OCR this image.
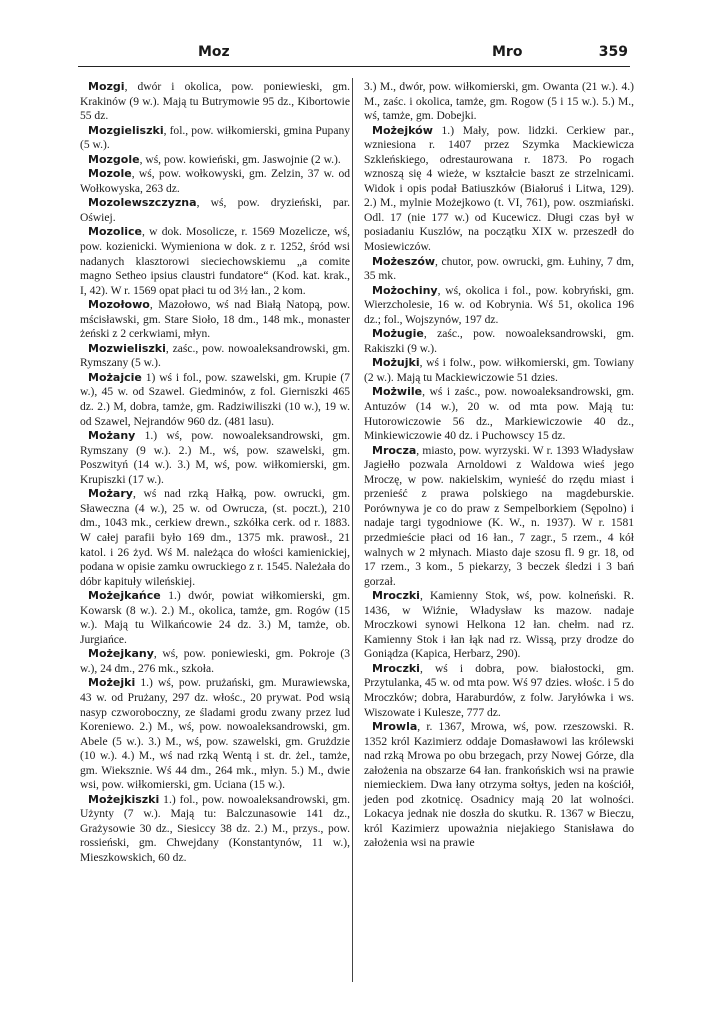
Moz	Mro	359

Mozgi, dwór i okolica, pow. poniewieski, gm. Krakinów (9 w.). Mają tu Butrymowie 95 dz., Kibortowie 55 dz.

Mozgieliszki, fol., pow. wiłkomierski, gmina Pupany (5 w.).

Mozgole, wś, pow. kowieński, gm. Jaswojnie (2 w.).

Mozole, wś, pow. wołkowyski, gm. Zelzin, 37 w. od Wołkowyska, 263 dz.

Mozolewszczyzna, wś, pow. dryzieński, par. Oświej.

Mozolice, w dok. Mosolicze, r. 1569 Mozelicze, wś, pow. kozienicki. Wymieniona w dok. z r. 1252, śród wsi nadanych klasztorowi sieciechowskiemu „a comite magno Setheo ipsius claustri fundatore“ (Kod. kat. krak., I, 42). W r. 1569 opat płaci tu od 3½ łan., 2 kom.

Mozołowo, Mazołowo, wś nad Białą Natopą, pow. mścisławski, gm. Stare Sioło, 18 dm., 148 mk., monaster żeński z 2 cerkwiami, młyn.

Mozwieliszki, zaśc., pow. nowoaleksandrowski, gm. Rymszany (5 w.).

Możajcie 1) wś i fol., pow. szawelski, gm. Krupie (7 w.), 45 w. od Szawel. Giedminów, z fol. Gierniszki 465 dz. 2.) M, dobra, tamże, gm. Radziwiliszki (10 w.), 19 w. od Szawel, Nejrandów 960 dz. (481 lasu).

Możany 1.) wś, pow. nowoaleksandrowski, gm. Rymszany (9 w.). 2.) M., wś, pow. szawelski, gm. Poszwityń (14 w.). 3.) M, wś, pow. wiłkomierski, gm. Krupiszki (17 w.).

Możary, wś nad rzką Hałką, pow. owrucki, gm. Sławeczna (4 w.), 25 w. od Owrucza, (st. poczt.), 210 dm., 1043 mk., cerkiew drewn., szkółka cerk. od r. 1883. W całej parafii było 169 dm., 1375 mk. prawosł., 21 katol. i 26 żyd. Wś M. należąca do włości kamienickiej, podana w opisie zamku owruckiego z r. 1545. Należała do dóbr kapituły wileńskiej.

Możejkańce 1.) dwór, powiat wiłkomierski, gm. Kowarsk (8 w.). 2.) M., okolica, tamże, gm. Rogów (15 w.). Mają tu Wilkańcowie 24 dz. 3.) M, tamże, ob. Jurgiańce.

Możejkany, wś, pow. poniewieski, gm. Pokroje (3 w.), 24 dm., 276 mk., szkoła.

Możejki 1.) wś, pow. prużański, gm. Murawiewska, 43 w. od Prużany, 297 dz. włośc., 20 prywat. Pod wsią nasyp czworoboczny, ze śladami grodu zwany przez lud Koreniewo. 2.) M., wś, pow. nowoaleksandrowski, gm. Abele (5 w.). 3.) M., wś, pow. szawelski, gm. Grużdzie (10 w.). 4.) M., wś nad rzką Wentą i st. dr. żel., tamże, gm. Wieksznie. Wś 44 dm., 264 mk., młyn. 5.) M., dwie wsi, pow. wiłkomierski, gm. Ucianа (15 w.).

Możejkiszki 1.) fol., pow. nowoaleksandrowski, gm. Użynty (7 w.). Mają tu: Balczunasowie 141 dz., Grażysowie 30 dz., Siesiccy 38 dz. 2.) M., przys., pow. rossieński, gm. Chwejdany (Konstantynów, 11 w.), Mieszkowskich, 60 dz.

3.) M., dwór, pow. wiłkomierski, gm. Owanta (21 w.). 4.) M., zaśc. i okolica, tamże, gm. Rogow (5 i 15 w.). 5.) M., wś, tamże, gm. Dobejki.

Możejków 1.) Mały, pow. lidzki. Cerkiew par., wzniesiona r. 1407 przez Szymka Mackiewicza Szkleńskiego, odrestaurowana r. 1873. Po rogach wznoszą się 4 wieże, w kształcie baszt ze strzelnicami. Widok i opis podał Batiuszków (Białoruś i Litwa, 129). 2.) M., mylnie Możejkowo (t. VI, 761), pow. oszmiański. Odl. 17 (nie 177 w.) od Kucewicz. Długi czas był w posiadaniu Kuszlów, na początku XIX w. przeszedł do Mosiewiczów.

Możeszów, chutor, pow. owrucki, gm. Łuhiny, 7 dm, 35 mk.

Możochiny, wś, okolica i fol., pow. kobryński, gm. Wierzcholesie, 16 w. od Kobrynia. Wś 51, okolica 196 dz.; fol., Wojszynów, 197 dz.

Możugie, zaśc., pow. nowoaleksandrowski, gm. Rakiszki (9 w.).

Możujki, wś i folw., pow. wiłkomierski, gm. Towiany (2 w.). Mają tu Mackiewiczowie 51 dzies.

Możwile, wś i zaśc., pow. nowoaleksandrowski, gm. Antuzów (14 w.), 20 w. od mta pow. Mają tu: Hutorowiczowie 56 dz., Markiewiczowie 40 dz., Minkiewiczowie 40 dz. i Puchowscy 15 dz.

Mrocza, miasto, pow. wyrzyski. W r. 1393 Władysław Jagiełło pozwala Arnoldowi z Waldowa wieś jego Mroczę, w pow. nakielskim, wynieść do rzędu miast i przenieść z prawa polskiego na magdeburskie. Porównywa je co do praw z Sempelborkiem (Sępolno) i nadaje targi tygodniowe (K. W., n. 1937). W r. 1581 przedmieście płaci od 16 łan., 7 zagr., 5 rzem., 4 kół walnych w 2 młynach. Miasto daje szosu fl. 9 gr. 18, od 17 rzem., 3 kom., 5 piekarzy, 3 beczek śledzi i 3 bań gorzał.

Mroczki, Kamienny Stok, wś, pow. kolneński. R. 1436, w Wiźnie, Władysław ks mazow. nadaje Mroczkowi synowi Helkona 12 łan. chełm. nad rz. Kamienny Stok i łan łąk nad rz. Wissą, przy drodze do Goniądza (Kapica, Herbarz, 290).

Mroczki, wś i dobra, pow. białostocki, gm. Przytulanka, 45 w. od mta pow. Wś 97 dzies. włośc. i 5 do Mroczków; dobra, Haraburdów, z folw. Jaryłówka i ws. Wiszowate i Kulesze, 777 dz.

Mrowla, r. 1367, Mrowa, wś, pow. rzeszowski. R. 1352 król Kazimierz oddaje Domasławowi las królewski nad rzką Mrowa po obu brzegach, przy Nowej Górze, dla założenia na obszarze 64 łan. frankońskich wsi na prawie niemieckiem. Dwa łany otrzyma sołtys, jeden na kościół, jeden pod zkotnicę. Osadnicy mają 20 lat wolności. Lokacya jednak nie doszła do skutku. R. 1367 w Bieczu, król Kazimierz upoważnia niejakiego Stanisława do założenia wsi na prawie
